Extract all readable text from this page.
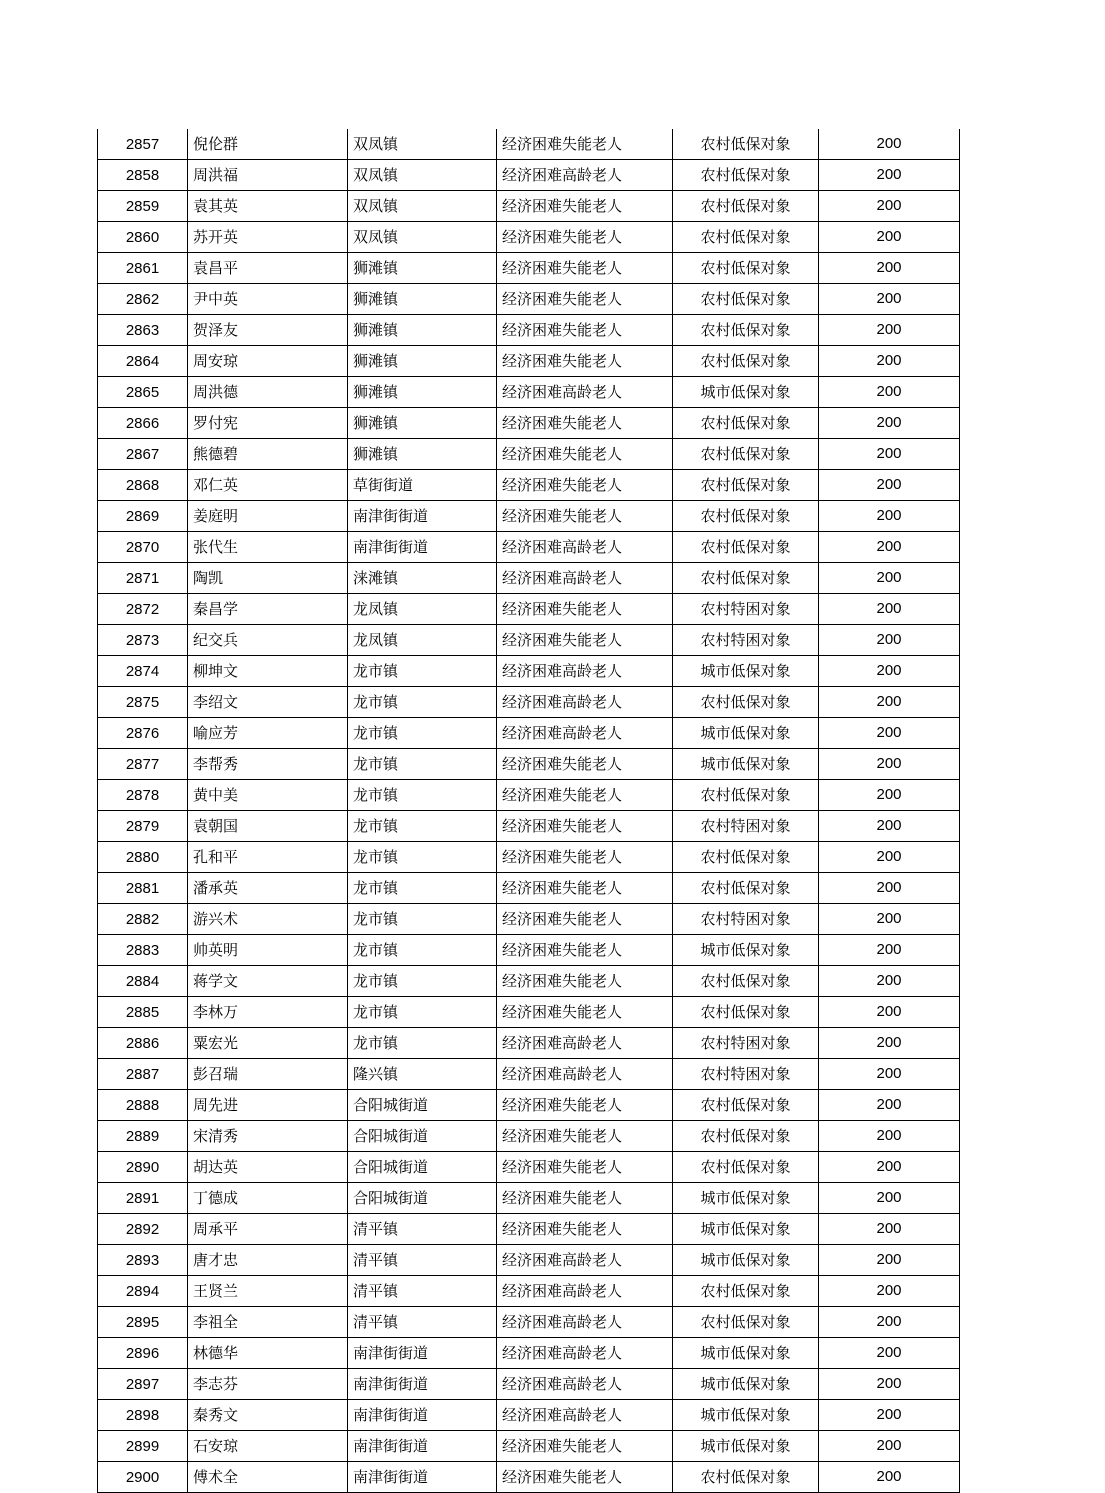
2857	倪伦群	双凤镇	经济困难失能老人	农村低保对象	200
2858	周洪福	双凤镇	经济困难高龄老人	农村低保对象	200
2859	袁其英	双凤镇	经济困难失能老人	农村低保对象	200
2860	苏开英	双凤镇	经济困难失能老人	农村低保对象	200
2861	袁昌平	狮滩镇	经济困难失能老人	农村低保对象	200
2862	尹中英	狮滩镇	经济困难失能老人	农村低保对象	200
2863	贺泽友	狮滩镇	经济困难失能老人	农村低保对象	200
2864	周安琼	狮滩镇	经济困难失能老人	农村低保对象	200
2865	周洪德	狮滩镇	经济困难高龄老人	城市低保对象	200
2866	罗付宪	狮滩镇	经济困难失能老人	农村低保对象	200
2867	熊德碧	狮滩镇	经济困难失能老人	农村低保对象	200
2868	邓仁英	草街街道	经济困难失能老人	农村低保对象	200
2869	姜庭明	南津街街道	经济困难失能老人	农村低保对象	200
2870	张代生	南津街街道	经济困难高龄老人	农村低保对象	200
2871	陶凯	涞滩镇	经济困难高龄老人	农村低保对象	200
2872	秦昌学	龙凤镇	经济困难失能老人	农村特困对象	200
2873	纪交兵	龙凤镇	经济困难失能老人	农村特困对象	200
2874	柳坤文	龙市镇	经济困难高龄老人	城市低保对象	200
2875	李绍文	龙市镇	经济困难高龄老人	农村低保对象	200
2876	喻应芳	龙市镇	经济困难高龄老人	城市低保对象	200
2877	李帮秀	龙市镇	经济困难失能老人	城市低保对象	200
2878	黄中美	龙市镇	经济困难失能老人	农村低保对象	200
2879	袁朝国	龙市镇	经济困难失能老人	农村特困对象	200
2880	孔和平	龙市镇	经济困难失能老人	农村低保对象	200
2881	潘承英	龙市镇	经济困难失能老人	农村低保对象	200
2882	游兴术	龙市镇	经济困难失能老人	农村特困对象	200
2883	帅英明	龙市镇	经济困难失能老人	城市低保对象	200
2884	蒋学文	龙市镇	经济困难失能老人	农村低保对象	200
2885	李林万	龙市镇	经济困难失能老人	农村低保对象	200
2886	粟宏光	龙市镇	经济困难高龄老人	农村特困对象	200
2887	彭召瑞	隆兴镇	经济困难高龄老人	农村特困对象	200
2888	周先进	合阳城街道	经济困难失能老人	农村低保对象	200
2889	宋清秀	合阳城街道	经济困难失能老人	农村低保对象	200
2890	胡达英	合阳城街道	经济困难失能老人	农村低保对象	200
2891	丁德成	合阳城街道	经济困难失能老人	城市低保对象	200
2892	周承平	清平镇	经济困难失能老人	城市低保对象	200
2893	唐才忠	清平镇	经济困难高龄老人	城市低保对象	200
2894	王贤兰	清平镇	经济困难高龄老人	农村低保对象	200
2895	李祖全	清平镇	经济困难高龄老人	农村低保对象	200
2896	林德华	南津街街道	经济困难高龄老人	城市低保对象	200
2897	李志芬	南津街街道	经济困难高龄老人	城市低保对象	200
2898	秦秀文	南津街街道	经济困难高龄老人	城市低保对象	200
2899	石安琼	南津街街道	经济困难失能老人	城市低保对象	200
2900	傅术全	南津街街道	经济困难失能老人	农村低保对象	200
